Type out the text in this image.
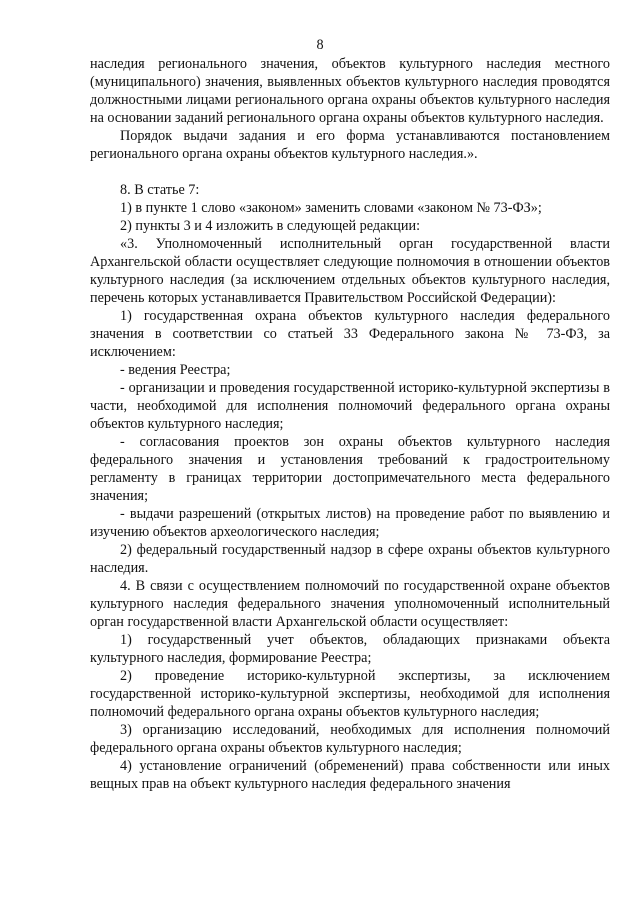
8

наследия регионального значения, объектов культурного наследия местного (муниципального) значения, выявленных объектов культурного наследия проводятся должностными лицами регионального органа охраны объектов культурного наследия на основании заданий регионального органа охраны объектов культурного наследия.

Порядок выдачи задания и его форма устанавливаются постановлением регионального органа охраны объектов культурного наследия.».

8. В статье 7:

1) в пункте 1 слово «законом» заменить словами «законом № 73-ФЗ»;

2) пункты 3 и 4 изложить в следующей редакции:

«3. Уполномоченный исполнительный орган государственной власти Архангельской области осуществляет следующие полномочия в отношении объектов культурного наследия (за исключением отдельных объектов культурного наследия, перечень которых устанавливается Правительством Российской Федерации):

1) государственная охрана объектов культурного наследия федерального значения в соответствии со статьей 33 Федерального закона № 73-ФЗ, за исключением:

- ведения Реестра;

- организации и проведения государственной историко-культурной экспертизы в части, необходимой для исполнения полномочий федерального органа охраны объектов культурного наследия;

- согласования проектов зон охраны объектов культурного наследия федерального значения и установления требований к градостроительному регламенту в границах территории достопримечательного места федерального значения;

- выдачи разрешений (открытых листов) на проведение работ по выявлению и изучению объектов археологического наследия;

2) федеральный государственный надзор в сфере охраны объектов культурного наследия.

4. В связи с осуществлением полномочий по государственной охране объектов культурного наследия федерального значения уполномоченный исполнительный орган государственной власти Архангельской области осуществляет:

1) государственный учет объектов, обладающих признаками объекта культурного наследия, формирование Реестра;

2) проведение историко-культурной экспертизы, за исключением государственной историко-культурной экспертизы, необходимой для исполнения полномочий федерального органа охраны объектов культурного наследия;

3) организацию исследований, необходимых для исполнения полномочий федерального органа охраны объектов культурного наследия;

4) установление ограничений (обременений) права собственности или иных вещных прав на объект культурного наследия федерального значения
